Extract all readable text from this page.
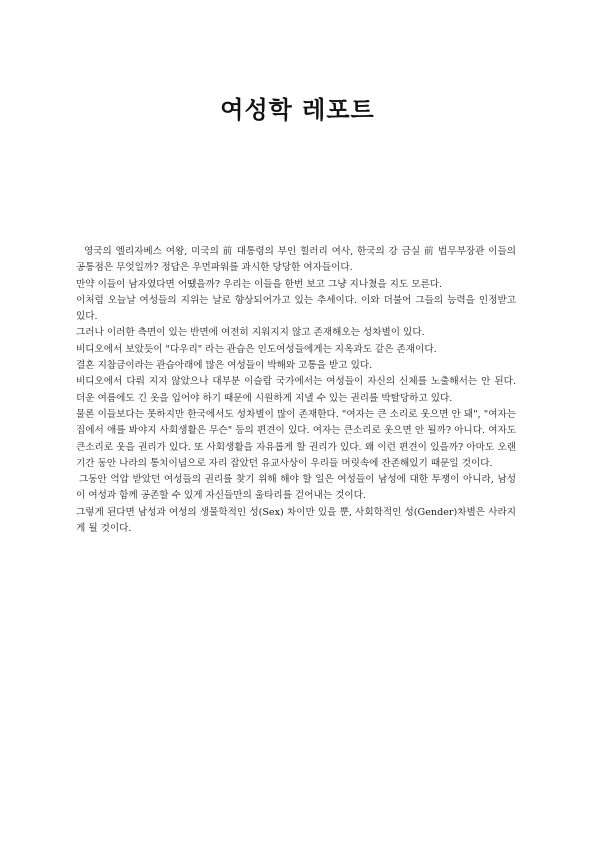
여성학 레포트

영국의 엘리자베스 여왕, 미국의 前 대통령의 부인 힐러리 여사, 한국의 강 금실 前 법무부장관 이들의 공통점은 무엇일까? 정답은 우먼파워를 과시한 당당한 여자들이다.

만약 이들이 남자였다면 어땠을까? 우리는 이들을 한번 보고 그냥 지나쳤을 지도 모른다.

이처럼 오늘날 여성들의 지위는 날로 향상되어가고 있는 추세이다. 이와 더불어 그들의 능력을 인정받고 있다.

그러나 이러한 측면이 있는 반면에 여전히 지워지지 않고 존재해오는 성차별이 있다.

비디오에서 보았듯이 "다우리" 라는 관습은 인도여성들에게는 지옥과도 같은 존재이다.

결혼 지참금이라는 관습아래에 많은 여성들이 박해와 고통을 받고 있다.

비디오에서 다뤄 지지 않았으나 대부분 이슬람 국가에서는 여성들이 자신의 신체를 노출해서는 안 된다. 더운 여름에도 긴 옷을 입어야 하기 때문에 시원하게 지낼 수 있는 권리를 박탈당하고 있다.

물론 이들보다는 못하지만 한국에서도 성차별이 많이 존재한다. "여자는 큰 소리로 웃으면 안 돼", "여자는 집에서 애를 봐야지 사회생활은 무슨" 등의 편견이 있다. 여자는 큰소리로 웃으면 안 될까? 아니다. 여자도 큰소리로 웃을 권리가 있다. 또 사회생활을 자유롭게 할 권리가 있다. 왜 이런 편견이 있을까? 아마도 오랜 기간 동안 나라의 통치이념으로 자리 잡았던 유교사상이 우리들 머릿속에 잔존해있기 때문일 것이다.

그동안 억압 받았던 여성들의 권리를 찾기 위해 해야 할 일은 여성들이 남성에 대한 투쟁이 아니라, 남성이 여성과 함께 공존할 수 있게 자신들만의 울타리를 걷어내는 것이다.

그렇게 된다면 남성과 여성의 생물학적인 성(Sex) 차이만 있을 뿐, 사회학적인 성(Gender)차별은 사라지게 될 것이다.
